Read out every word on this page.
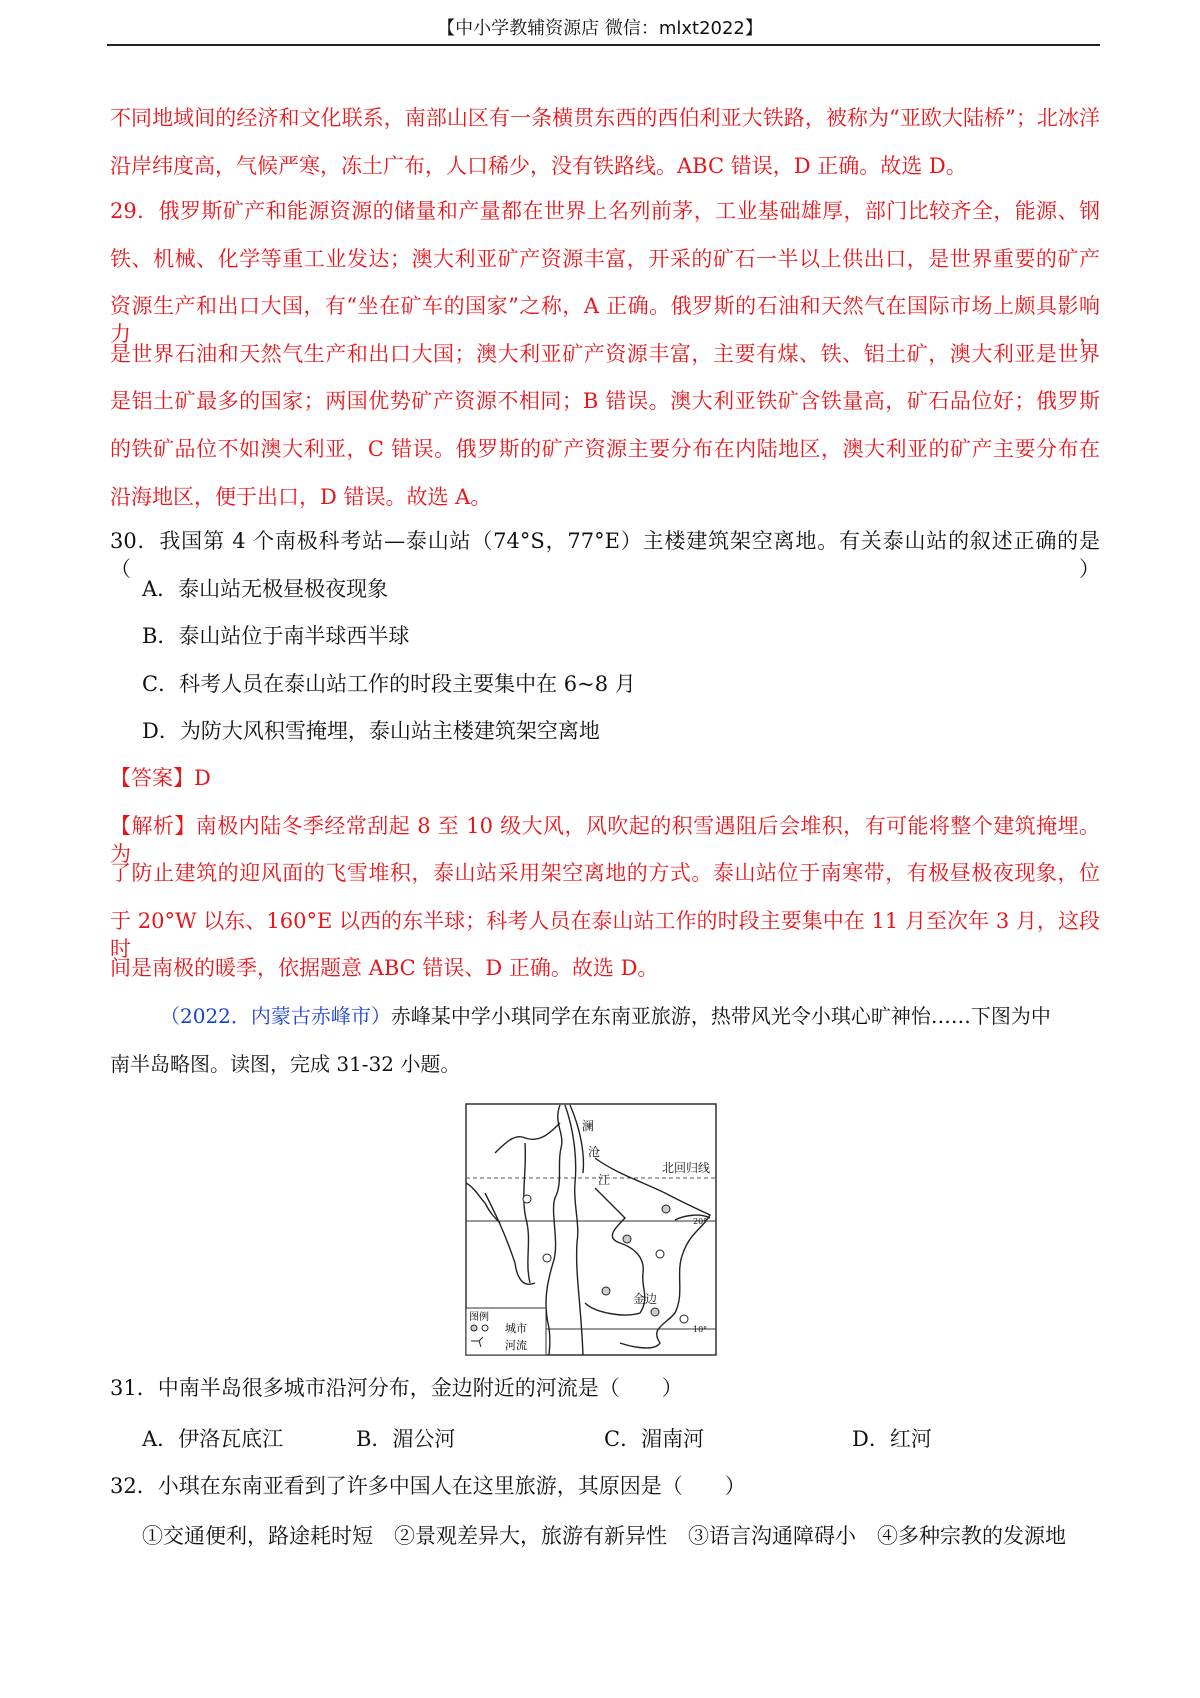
【中小学教辅资源店 微信：mlxt2022】
不同地域间的经济和文化联系，南部山区有一条横贯东西的西伯利亚大铁路，被称为“亚欧大陆桥”；北冰洋
沿岸纬度高，气候严寒，冻土广布，人口稀少，没有铁路线。ABC 错误，D 正确。故选 D。
29．俄罗斯矿产和能源资源的储量和产量都在世界上名列前茅，工业基础雄厚，部门比较齐全，能源、钢
铁、机械、化学等重工业发达；澳大利亚矿产资源丰富，开采的矿石一半以上供出口，是世界重要的矿产
资源生产和出口大国，有“坐在矿车的国家”之称，A 正确。俄罗斯的石油和天然气在国际市场上颇具影响力，
是世界石油和天然气生产和出口大国；澳大利亚矿产资源丰富，主要有煤、铁、铝土矿，澳大利亚是世界
是铝土矿最多的国家；两国优势矿产资源不相同；B 错误。澳大利亚铁矿含铁量高，矿石品位好；俄罗斯
的铁矿品位不如澳大利亚，C 错误。俄罗斯的矿产资源主要分布在内陆地区，澳大利亚的矿产主要分布在
沿海地区，便于出口，D 错误。故选 A。
30．我国第 4 个南极科考站—泰山站（74°S，77°E）主楼建筑架空离地。有关泰山站的叙述正确的是（　　）
A．泰山站无极昼极夜现象
B．泰山站位于南半球西半球
C．科考人员在泰山站工作的时段主要集中在 6~8 月
D．为防大风积雪掩埋，泰山站主楼建筑架空离地
【答案】D
【解析】南极内陆冬季经常刮起 8 至 10 级大风，风吹起的积雪遇阻后会堆积，有可能将整个建筑掩埋。为
了防止建筑的迎风面的飞雪堆积，泰山站采用架空离地的方式。泰山站位于南寒带，有极昼极夜现象，位
于 20°W 以东、160°E 以西的东半球；科考人员在泰山站工作的时段主要集中在 11 月至次年 3 月，这段时
间是南极的暖季，依据题意 ABC 错误、D 正确。故选 D。
（2022．内蒙古赤峰市）赤峰某中学小琪同学在东南亚旅游，热带风光令小琪心旷神怡……下图为中
南半岛略图。读图，完成 31-32 小题。
澜
沧
江
北回归线
20°
10°
金边
图例
城市
河流
31．中南半岛很多城市沿河分布，金边附近的河流是（　　）
A．伊洛瓦底江	B．湄公河	C．湄南河	D．红河
32．小琪在东南亚看到了许多中国人在这里旅游，其原因是（　　）
①交通便利，路途耗时短　②景观差异大，旅游有新异性　③语言沟通障碍小　④多种宗教的发源地
